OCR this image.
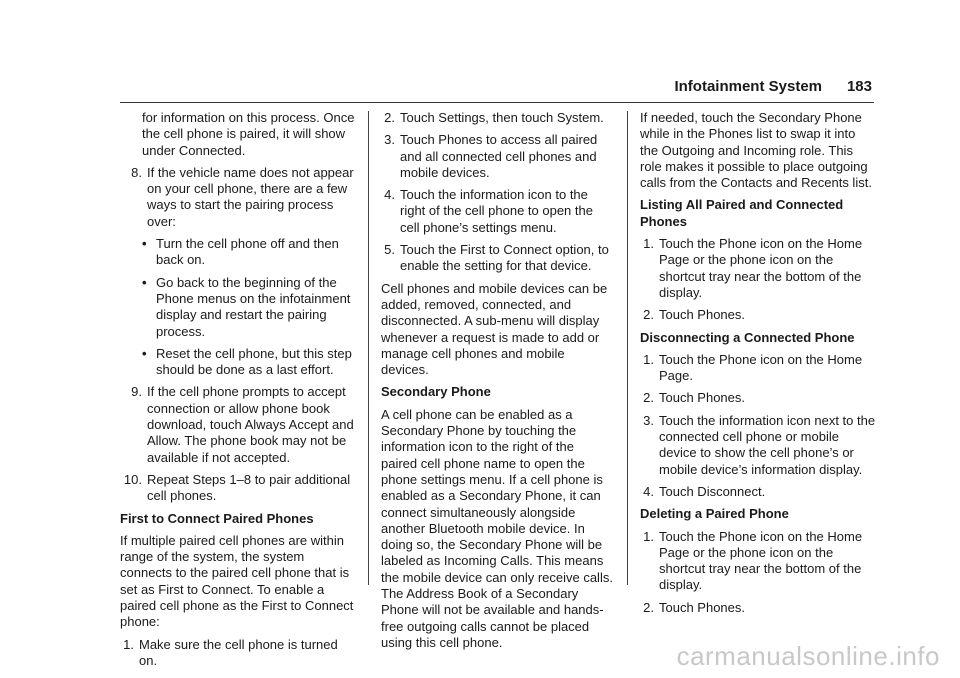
Infotainment System 183

for information on this process. Once the cell phone is paired, it will show under Connected.

8. If the vehicle name does not appear on your cell phone, there are a few ways to start the pairing process over:
• Turn the cell phone off and then back on.
• Go back to the beginning of the Phone menus on the infotainment display and restart the pairing process.
• Reset the cell phone, but this step should be done as a last effort.
9. If the cell phone prompts to accept connection or allow phone book download, touch Always Accept and Allow. The phone book may not be available if not accepted.
10. Repeat Steps 1–8 to pair additional cell phones.

First to Connect Paired Phones

If multiple paired cell phones are within range of the system, the system connects to the paired cell phone that is set as First to Connect. To enable a paired cell phone as the First to Connect phone:

1. Make sure the cell phone is turned on.
2. Touch Settings, then touch System.
3. Touch Phones to access all paired and all connected cell phones and mobile devices.
4. Touch the information icon to the right of the cell phone to open the cell phone’s settings menu.
5. Touch the First to Connect option, to enable the setting for that device.

Cell phones and mobile devices can be added, removed, connected, and disconnected. A sub-menu will display whenever a request is made to add or manage cell phones and mobile devices.

Secondary Phone

A cell phone can be enabled as a Secondary Phone by touching the information icon to the right of the paired cell phone name to open the phone settings menu. If a cell phone is enabled as a Secondary Phone, it can connect simultaneously alongside another Bluetooth mobile device. In doing so, the Secondary Phone will be labeled as Incoming Calls. This means the mobile device can only receive calls. The Address Book of a Secondary Phone will not be available and hands-free outgoing calls cannot be placed using this cell phone.

If needed, touch the Secondary Phone while in the Phones list to swap it into the Outgoing and Incoming role. This role makes it possible to place outgoing calls from the Contacts and Recents list.

Listing All Paired and Connected Phones

1. Touch the Phone icon on the Home Page or the phone icon on the shortcut tray near the bottom of the display.
2. Touch Phones.

Disconnecting a Connected Phone

1. Touch the Phone icon on the Home Page.
2. Touch Phones.
3. Touch the information icon next to the connected cell phone or mobile device to show the cell phone’s or mobile device’s information display.
4. Touch Disconnect.

Deleting a Paired Phone

1. Touch the Phone icon on the Home Page or the phone icon on the shortcut tray near the bottom of the display.
2. Touch Phones.
carmanualsonline.info
